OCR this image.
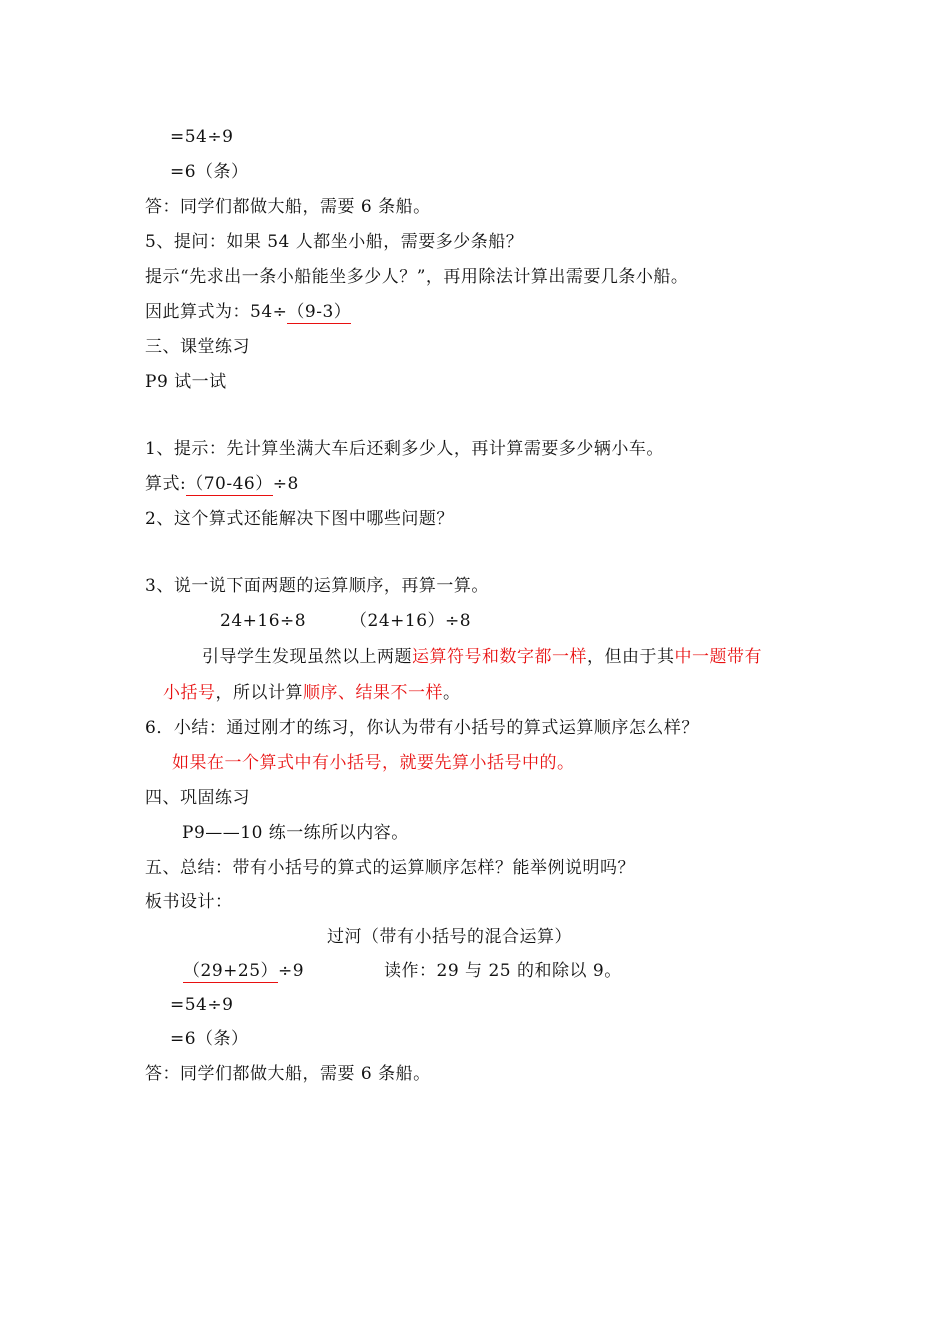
=54÷9
=6（条）
答：同学们都做大船，需要 6 条船。
5、提问：如果 54 人都坐小船，需要多少条船？
提示“先求出一条小船能坐多少人？”，再用除法计算出需要几条小船。
因此算式为：54÷（9-3）
三、课堂练习
P9 试一试
1、提示：先计算坐满大车后还剩多少人，再计算需要多少辆小车。
算式:（70-46）÷8
2、这个算式还能解决下图中哪些问题？
3、说一说下面两题的运算顺序，再算一算。
24+16÷8	（24+16）÷8
引导学生发现虽然以上两题运算符号和数字都一样，但由于其中一题带有
小括号，所以计算顺序、结果不一样。
6．小结：通过刚才的练习，你认为带有小括号的算式运算顺序怎么样？
如果在一个算式中有小括号，就要先算小括号中的。
四、巩固练习
P9——10 练一练所以内容。
五、总结：带有小括号的算式的运算顺序怎样？能举例说明吗？
板书设计：
过河（带有小括号的混合运算）
（29+25）÷9	读作：29 与 25 的和除以 9。
=54÷9
=6（条）
答：同学们都做大船，需要 6 条船。
